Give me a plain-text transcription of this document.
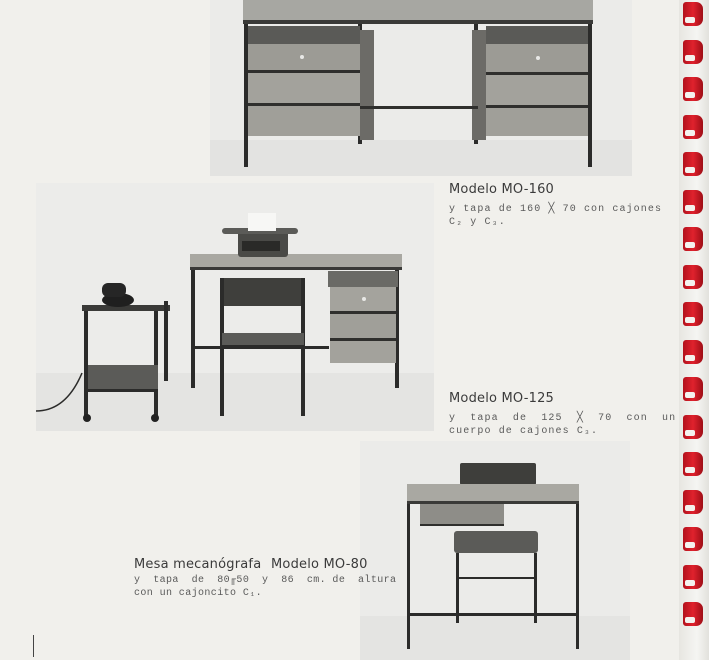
Modelo MO-160

y tapa de 160 ╳ 70 con cajones

C₂ y C₃.

Modelo MO-125

y  tapa  de  125  ╳  70  con  un

cuerpo de cajones C₃.

Mesa mecanógrafa Modelo MO-80

y  tapa  de  80╓50  y  86  cm. de  altura

con un cajoncito C₁.
